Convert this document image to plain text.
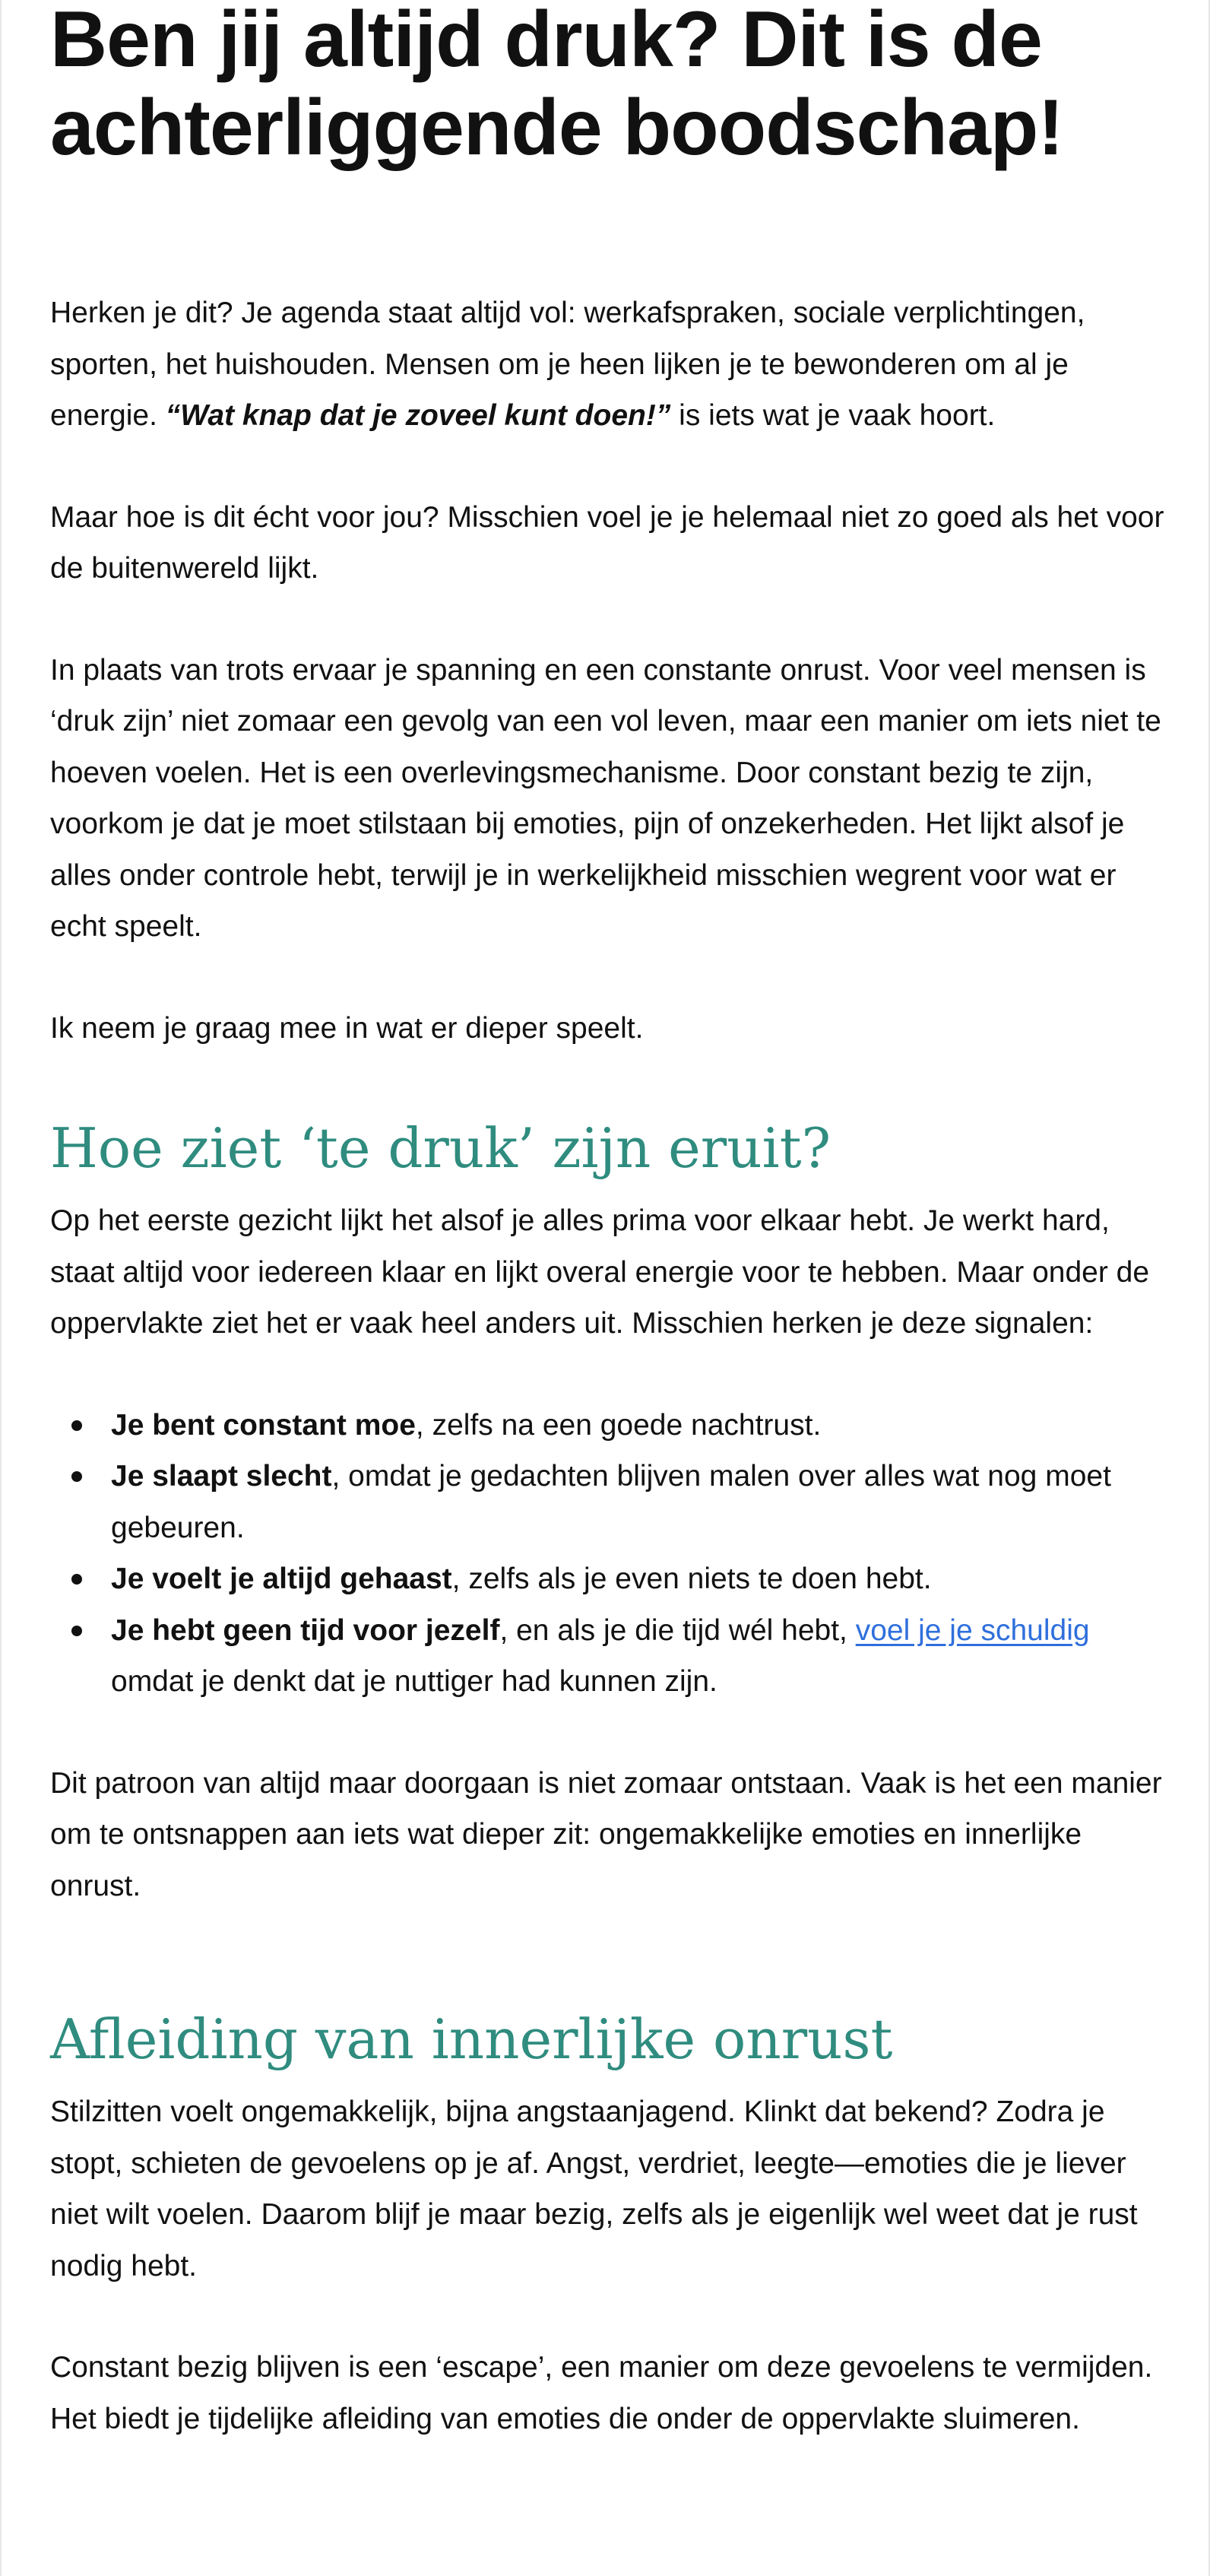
Ben jij altijd druk? Dit is de achterliggende boodschap!

Herken je dit? Je agenda staat altijd vol: werkafspraken, sociale verplichtingen, sporten, het huishouden. Mensen om je heen lijken je te bewonderen om al je energie. “Wat knap dat je zoveel kunt doen!” is iets wat je vaak hoort.

Maar hoe is dit écht voor jou? Misschien voel je je helemaal niet zo goed als het voor de buitenwereld lijkt.

In plaats van trots ervaar je spanning en een constante onrust. Voor veel mensen is ‘druk zijn’ niet zomaar een gevolg van een vol leven, maar een manier om iets niet te hoeven voelen. Het is een overlevingsmechanisme. Door constant bezig te zijn, voorkom je dat je moet stilstaan bij emoties, pijn of onzekerheden. Het lijkt alsof je alles onder controle hebt, terwijl je in werkelijkheid misschien wegrent voor wat er echt speelt.

Ik neem je graag mee in wat er dieper speelt.

Hoe ziet ‘te druk’ zijn eruit?

Op het eerste gezicht lijkt het alsof je alles prima voor elkaar hebt. Je werkt hard, staat altijd voor iedereen klaar en lijkt overal energie voor te hebben. Maar onder de oppervlakte ziet het er vaak heel anders uit. Misschien herken je deze signalen:

Je bent constant moe, zelfs na een goede nachtrust.
Je slaapt slecht, omdat je gedachten blijven malen over alles wat nog moet gebeuren.
Je voelt je altijd gehaast, zelfs als je even niets te doen hebt.
Je hebt geen tijd voor jezelf, en als je die tijd wél hebt, voel je je schuldig omdat je denkt dat je nuttiger had kunnen zijn.

Dit patroon van altijd maar doorgaan is niet zomaar ontstaan. Vaak is het een manier om te ontsnappen aan iets wat dieper zit: ongemakkelijke emoties en innerlijke onrust.

Afleiding van innerlijke onrust

Stilzitten voelt ongemakkelijk, bijna angstaanjagend. Klinkt dat bekend? Zodra je stopt, schieten de gevoelens op je af. Angst, verdriet, leegte—emoties die je liever niet wilt voelen. Daarom blijf je maar bezig, zelfs als je eigenlijk wel weet dat je rust nodig hebt.

Constant bezig blijven is een ‘escape’, een manier om deze gevoelens te vermijden. Het biedt je tijdelijke afleiding van emoties die onder de oppervlakte sluimeren.
